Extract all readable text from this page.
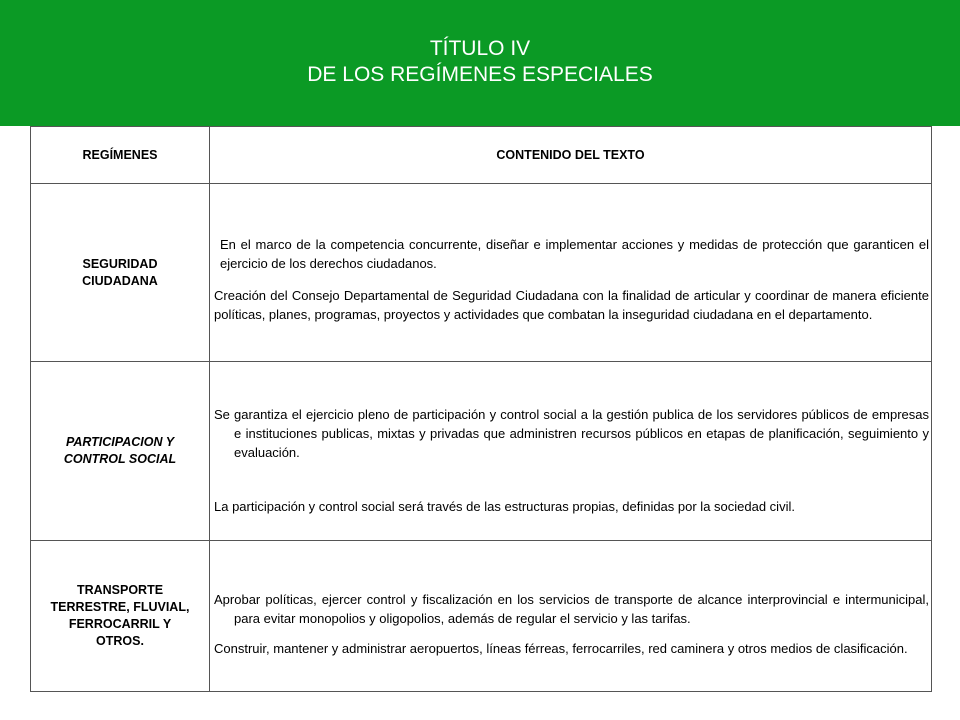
TÍTULO IV
DE LOS REGÍMENES ESPECIALES
REGÍMENES	CONTENIDO DEL TEXTO

SEGURIDAD CIUDADANA	En el marco de la competencia concurrente, diseñar e implementar acciones y medidas de protección que garanticen el ejercicio de los derechos ciudadanos.

Creación del Consejo Departamental de Seguridad Ciudadana con la finalidad de articular y coordinar de manera eficiente políticas, planes, programas, proyectos y actividades que combatan la inseguridad ciudadana en el departamento.

PARTICIPACION Y CONTROL SOCIAL	Se garantiza el ejercicio pleno de participación y control social a la gestión publica de los servidores públicos de empresas e instituciones publicas, mixtas y privadas que administren recursos públicos en etapas de planificación, seguimiento y evaluación.

La participación y control social será través de las estructuras propias, definidas por la sociedad civil.

TRANSPORTE TERRESTRE, FLUVIAL, FERROCARRIL Y OTROS.	Aprobar políticas, ejercer control y fiscalización en los servicios de transporte de alcance interprovincial e intermunicipal, para evitar monopolios y oligopolios, además de regular el servicio y las tarifas.

Construir, mantener y administrar aeropuertos, líneas férreas, ferrocarriles, red caminera y otros medios de clasificación.
